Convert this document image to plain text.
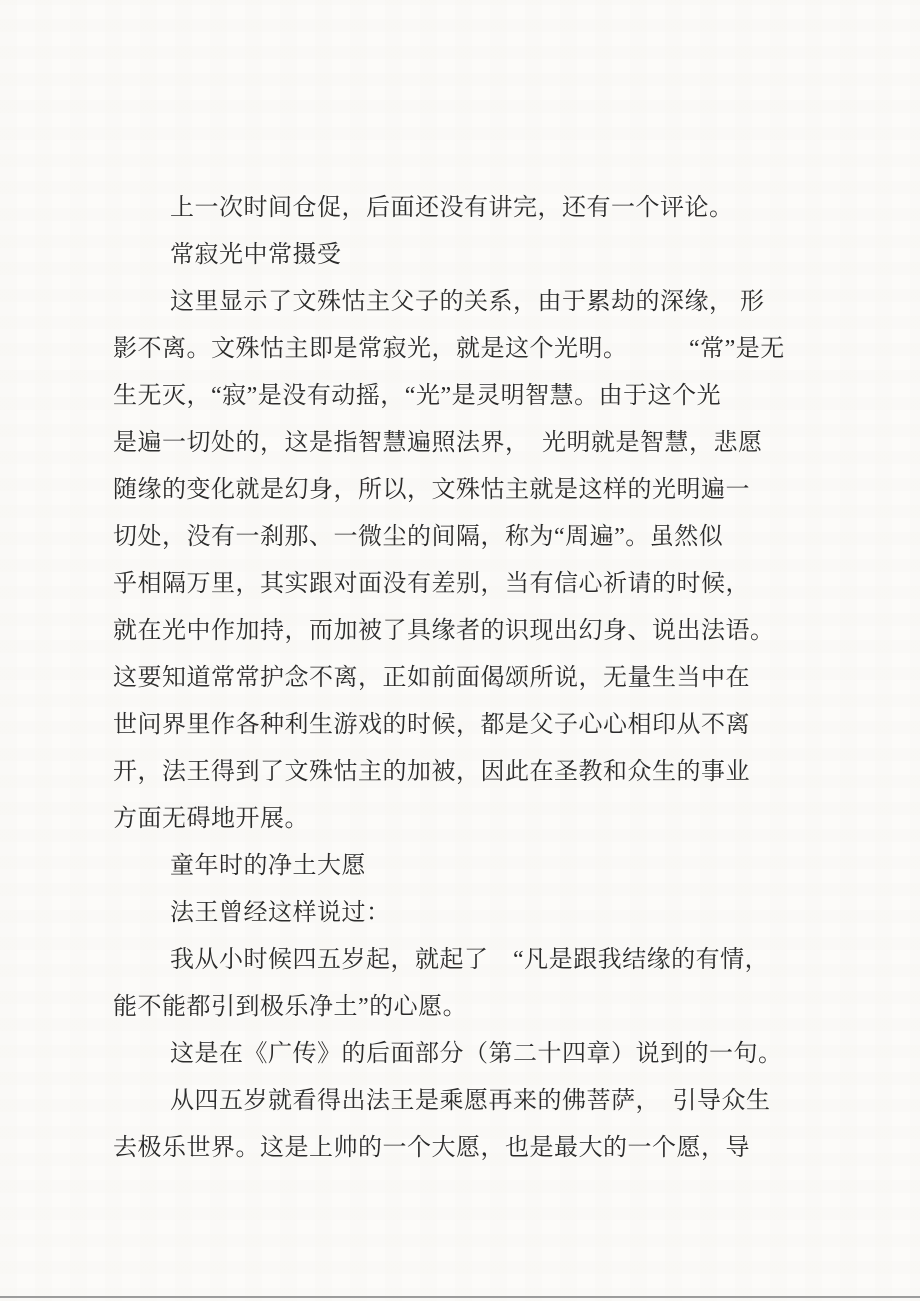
上一次时间仓促，后面还没有讲完，还有一个评论。
常寂光中常摄受
这里显示了文殊怙主父子的关系，由于累劫的深缘， 形
影不离。文殊怙主即是常寂光，就是这个光明。　　　“常”是无
生无灭，“寂”是没有动摇，“光”是灵明智慧。由于这个光
是遍一切处的，这是指智慧遍照法界，　光明就是智慧，悲愿
随缘的变化就是幻身，所以，文殊怙主就是这样的光明遍一
切处，没有一刹那、一微尘的间隔，称为“周遍”。虽然似
乎相隔万里，其实跟对面没有差别，当有信心祈请的时候，
就在光中作加持，而加被了具缘者的识现出幻身、说出法语。
这要知道常常护念不离，正如前面偈颂所说，无量生当中在
世问界里作各种利生游戏的时候，都是父子心心相印从不离
开，法王得到了文殊怙主的加被，因此在圣教和众生的事业
方面无碍地开展。
童年时的净土大愿
法王曾经这样说过：
我从小时候四五岁起，就起了　“凡是跟我结缘的有情，
能不能都引到极乐净土”的心愿。
这是在《广传》的后面部分（第二十四章）说到的一句。
从四五岁就看得出法王是乘愿再来的佛菩萨，　引导众生
去极乐世界。这是上帅的一个大愿，也是最大的一个愿，导
